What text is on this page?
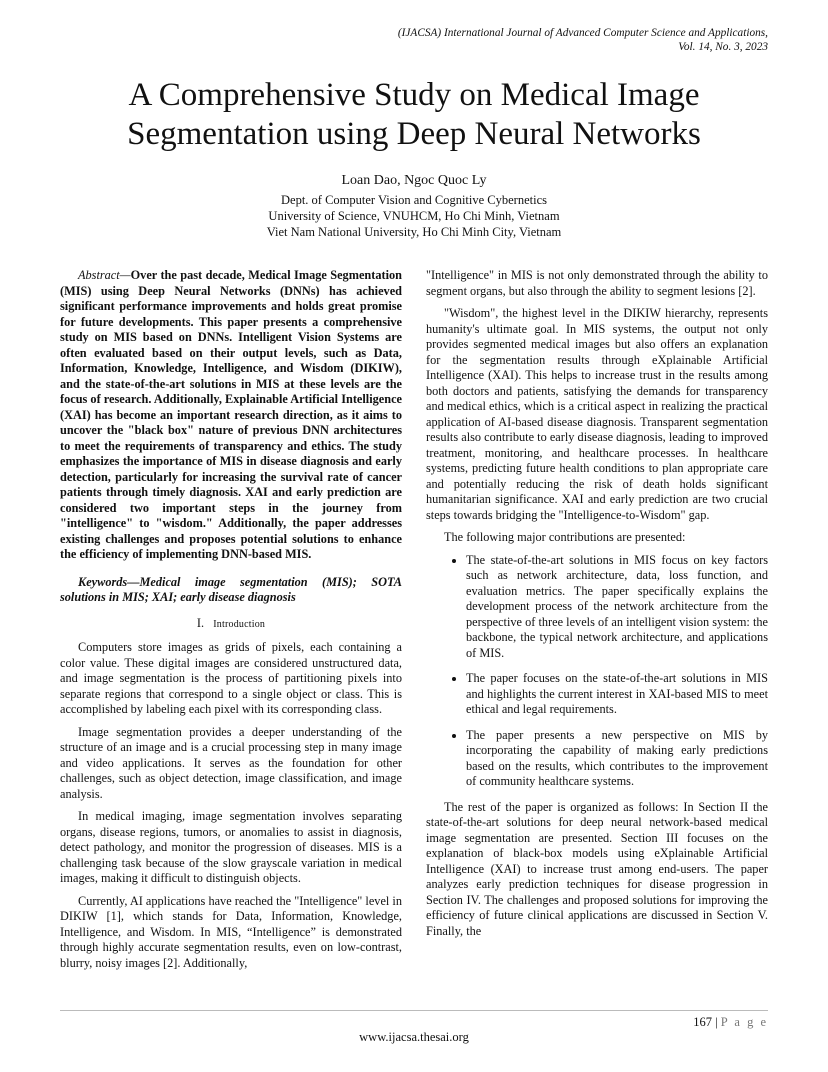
(IJACSA) International Journal of Advanced Computer Science and Applications,
Vol. 14, No. 3, 2023
A Comprehensive Study on Medical Image
Segmentation using Deep Neural Networks
Loan Dao, Ngoc Quoc Ly
Dept. of Computer Vision and Cognitive Cybernetics
University of Science, VNUHCM, Ho Chi Minh, Vietnam
Viet Nam National University, Ho Chi Minh City, Vietnam

Abstract—Over the past decade, Medical Image Segmentation (MIS) using Deep Neural Networks (DNNs) has achieved significant performance improvements and holds great promise for future developments. This paper presents a comprehensive study on MIS based on DNNs. Intelligent Vision Systems are often evaluated based on their output levels, such as Data, Information, Knowledge, Intelligence, and Wisdom (DIKIW), and the state-of-the-art solutions in MIS at these levels are the focus of research. Additionally, Explainable Artificial Intelligence (XAI) has become an important research direction, as it aims to uncover the "black box" nature of previous DNN architectures to meet the requirements of transparency and ethics. The study emphasizes the importance of MIS in disease diagnosis and early detection, particularly for increasing the survival rate of cancer patients through timely diagnosis. XAI and early prediction are considered two important steps in the journey from "intelligence" to "wisdom." Additionally, the paper addresses existing challenges and proposes potential solutions to enhance the efficiency of implementing DNN-based MIS.

Keywords—Medical image segmentation (MIS); SOTA solutions in MIS; XAI; early disease diagnosis

I. Introduction

Computers store images as grids of pixels, each containing a color value. These digital images are considered unstructured data, and image segmentation is the process of partitioning pixels into separate regions that correspond to a single object or class. This is accomplished by labeling each pixel with its corresponding class.

Image segmentation provides a deeper understanding of the structure of an image and is a crucial processing step in many image and video applications. It serves as the foundation for other challenges, such as object detection, image classification, and image analysis.

In medical imaging, image segmentation involves separating organs, disease regions, tumors, or anomalies to assist in diagnosis, detect pathology, and monitor the progression of diseases. MIS is a challenging task because of the slow grayscale variation in medical images, making it difficult to distinguish objects.

Currently, AI applications have reached the "Intelligence" level in DIKIW [1], which stands for Data, Information, Knowledge, Intelligence, and Wisdom. In MIS, “Intelligence” is demonstrated through highly accurate segmentation results, even on low-contrast, blurry, noisy images [2]. Additionally,

"Intelligence" in MIS is not only demonstrated through the ability to segment organs, but also through the ability to segment lesions [2].

"Wisdom", the highest level in the DIKIW hierarchy, represents humanity's ultimate goal. In MIS systems, the output not only provides segmented medical images but also offers an explanation for the segmentation results through eXplainable Artificial Intelligence (XAI). This helps to increase trust in the results among both doctors and patients, satisfying the demands for transparency and medical ethics, which is a critical aspect in realizing the practical application of AI-based disease diagnosis. Transparent segmentation results also contribute to early disease diagnosis, leading to improved treatment, monitoring, and healthcare processes. In healthcare systems, predicting future health conditions to plan appropriate care and potentially reducing the risk of death holds significant humanitarian significance. XAI and early prediction are two crucial steps towards bridging the "Intelligence-to-Wisdom" gap.

The following major contributions are presented:

• The state-of-the-art solutions in MIS focus on key factors such as network architecture, data, loss function, and evaluation metrics. The paper specifically explains the development process of the network architecture from the perspective of three levels of an intelligent vision system: the backbone, the typical network architecture, and applications of MIS.
• The paper focuses on the state-of-the-art solutions in MIS and highlights the current interest in XAI-based MIS to meet ethical and legal requirements.
• The paper presents a new perspective on MIS by incorporating the capability of making early predictions based on the results, which contributes to the improvement of community healthcare systems.

The rest of the paper is organized as follows: In Section II the state-of-the-art solutions for deep neural network-based medical image segmentation are presented. Section III focuses on the explanation of black-box models using eXplainable Artificial Intelligence (XAI) to increase trust among end-users. The paper analyzes early prediction techniques for disease progression in Section IV. The challenges and proposed solutions for improving the efficiency of future clinical applications are discussed in Section V. Finally, the

167 | P a g e
www.ijacsa.thesai.org
